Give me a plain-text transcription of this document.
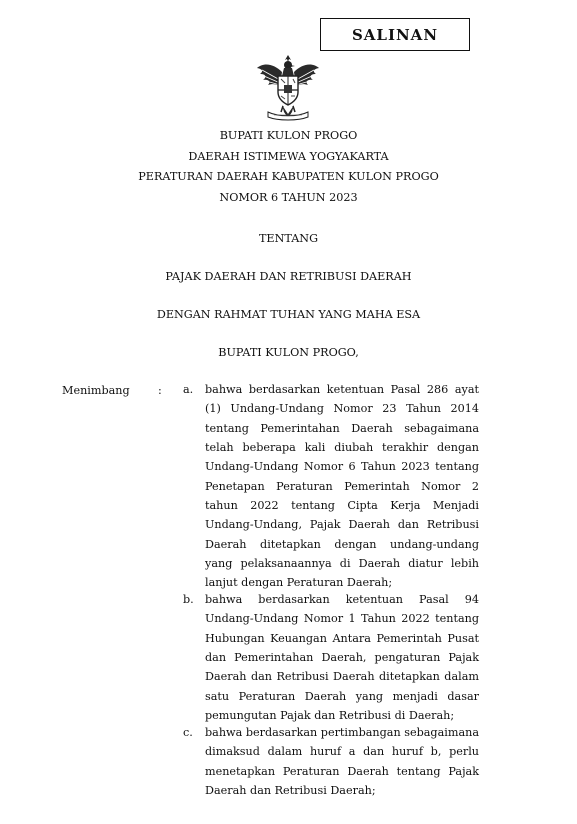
SALINAN
BUPATI KULON PROGO
DAERAH ISTIMEWA YOGYAKARTA
PERATURAN DAERAH KABUPATEN KULON PROGO
NOMOR 6 TAHUN 2023
TENTANG
PAJAK DAERAH DAN RETRIBUSI DAERAH
DENGAN RAHMAT TUHAN YANG MAHA ESA
BUPATI KULON PROGO,
Menimbang	: a. bahwa berdasarkan ketentuan Pasal 286 ayat (1) Undang-Undang Nomor 23 Tahun 2014 tentang Pemerintahan Daerah sebagaimana telah beberapa kali diubah terakhir dengan Undang-Undang Nomor 6 Tahun 2023 tentang Penetapan Peraturan Pemerintah Nomor 2 tahun 2022 tentang Cipta Kerja Menjadi Undang-Undang, Pajak Daerah dan Retribusi Daerah ditetapkan dengan undang-undang yang pelaksanaannya di Daerah diatur lebih lanjut dengan Peraturan Daerah;
b. bahwa berdasarkan ketentuan Pasal 94 Undang-Undang Nomor 1 Tahun 2022 tentang Hubungan Keuangan Antara Pemerintah Pusat dan Pemerintahan Daerah, pengaturan Pajak Daerah dan Retribusi Daerah ditetapkan dalam satu Peraturan Daerah yang menjadi dasar pemungutan Pajak dan Retribusi di Daerah;
c. bahwa berdasarkan pertimbangan sebagaimana dimaksud dalam huruf a dan huruf b, perlu menetapkan Peraturan Daerah tentang Pajak Daerah dan Retribusi Daerah;
